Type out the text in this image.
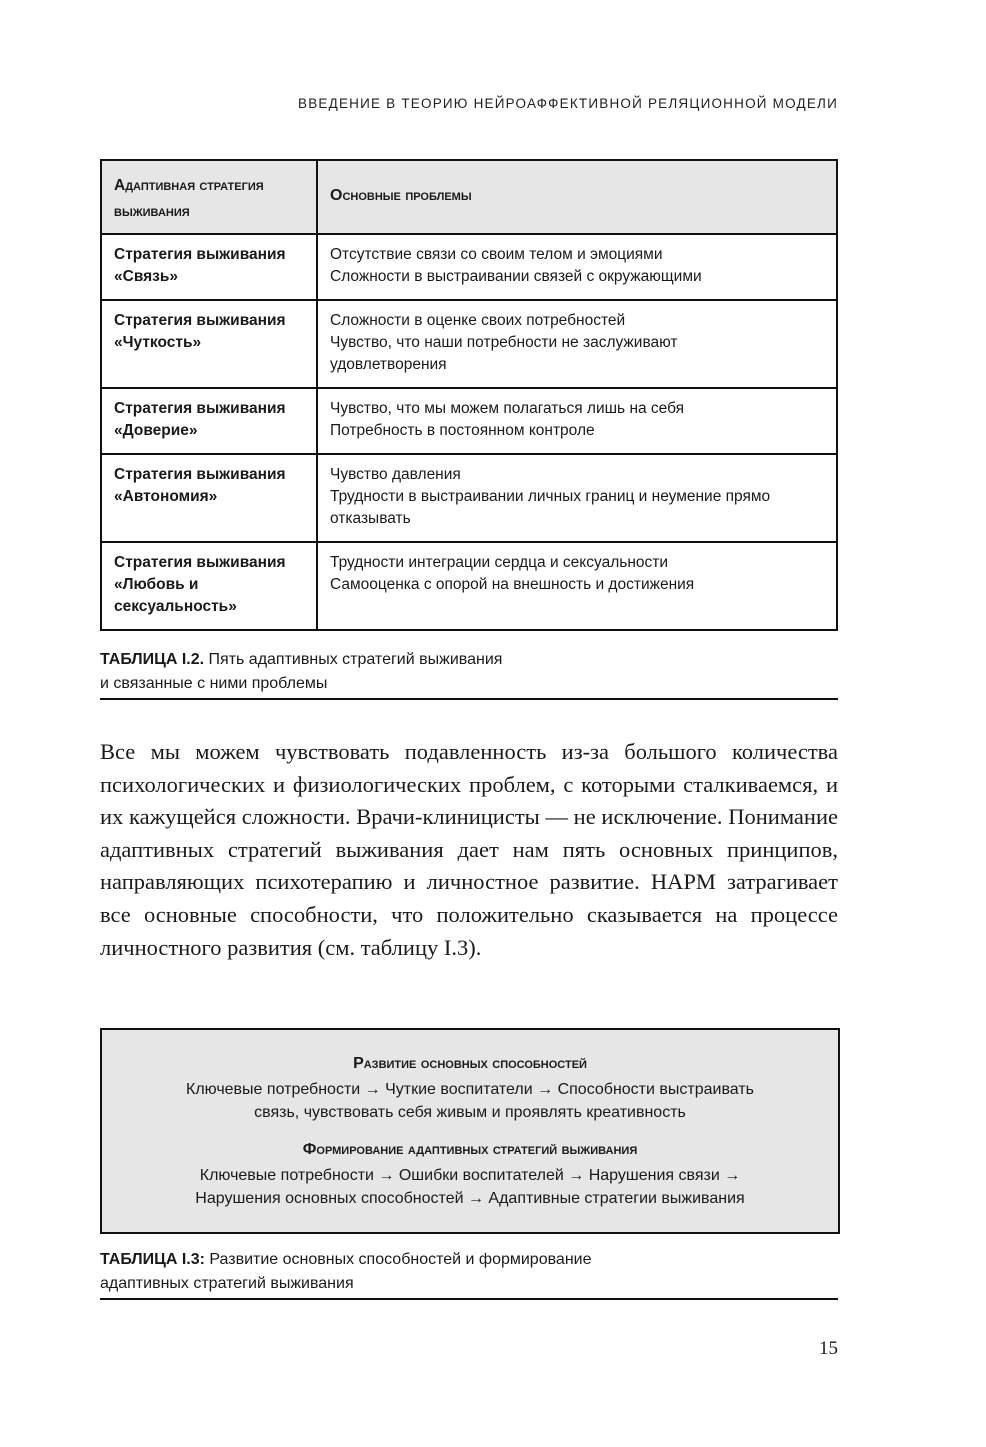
ВВЕДЕНИЕ В ТЕОРИЮ НЕЙРОАФФЕКТИВНОЙ РЕЛЯЦИОННОЙ МОДЕЛИ
Адаптивная стратегия выживания	Основные проблемы
Стратегия выживания «Связь»	Отсутствие связи со своим телом и эмоциями
Сложности в выстраивании связей с окружающими

Стратегия выживания «Чуткость»	Сложности в оценке своих потребностей
Чувство, что наши потребности не заслуживают удовлетворения

Стратегия выживания «Доверие»	Чувство, что мы можем полагаться лишь на себя
Потребность в постоянном контроле

Стратегия выживания «Автономия»	Чувство давления
Трудности в выстраивании личных границ и неумение прямо отказывать

Стратегия выживания «Любовь и сексуальность»	Трудности интеграции сердца и сексуальности
Самооценка с опорой на внешность и достижения
ТАБЛИЦА I.2. Пять адаптивных стратегий выживания
и связанные с ними проблемы

Все мы можем чувствовать подавленность из-за большого количества психологических и физиологических проблем, с которыми сталкиваемся, и их кажущейся сложности. Врачи-клиницисты — не исключение. Понимание адаптивных стратегий выживания дает нам пять основных принципов, направляющих психотерапию и личностное развитие. НАРМ затрагивает все основные способности, что положительно сказывается на процессе личностного развития (см. таблицу I.3).

Развитие основных способностей
Ключевые потребности → Чуткие воспитатели → Способности выстраивать
связь, чувствовать себя живым и проявлять креативность
Формирование адаптивных стратегий выживания
Ключевые потребности → Ошибки воспитателей → Нарушения связи →
Нарушения основных способностей → Адаптивные стратегии выживания
ТАБЛИЦА I.3: Развитие основных способностей и формирование
адаптивных стратегий выживания
15
